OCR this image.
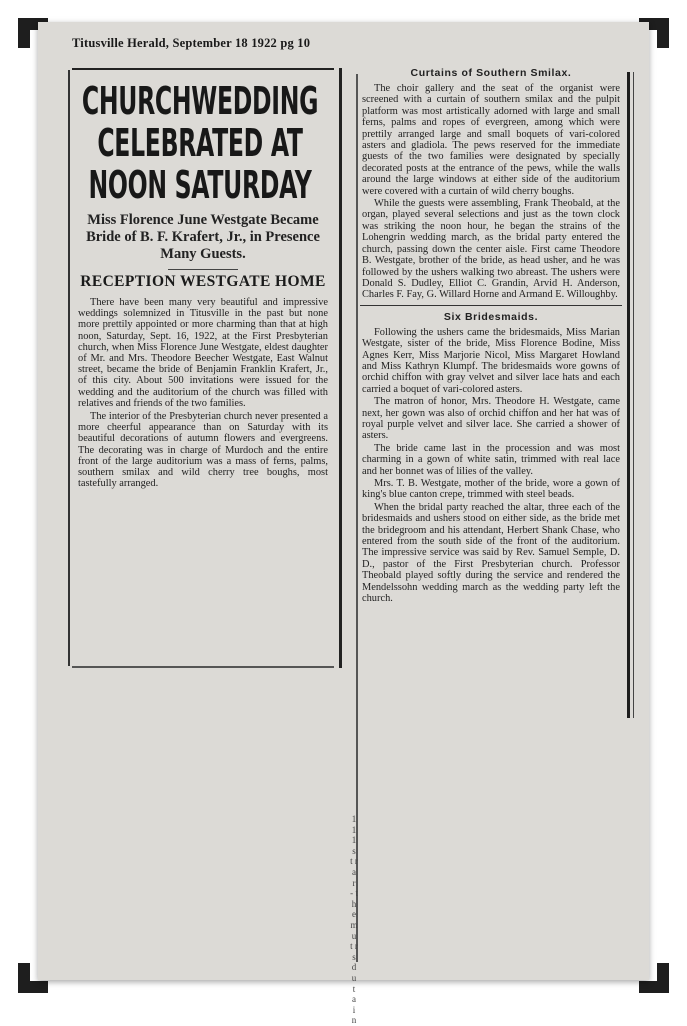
Titusville Herald, September 18 1922 pg 10
CHURCHWEDDING
CELEBRATED AT
NOON SATURDAY
Miss Florence June Westgate Became Bride of B. F. Krafert, Jr., in Presence Many Guests.
RECEPTION WESTGATE HOME

There have been many very beautiful and impressive weddings solemnized in Titusville in the past but none more prettily appointed or more charming than that at high noon, Saturday, Sept. 16, 1922, at the First Presbyterian church, when Miss Florence June Westgate, eldest daughter of Mr. and Mrs. Theodore Beecher Westgate, East Walnut street, became the bride of Benjamin Franklin Krafert, Jr., of this city. About 500 invitations were issued for the wedding and the auditorium of the church was filled with relatives and friends of the two families.

The interior of the Presbyterian church never presented a more cheerful appearance than on Saturday with its beautiful decorations of autumn flowers and evergreens. The decorating was in charge of Murdoch and the entire front of the large auditorium was a mass of ferns, palms, southern smilax and wild cherry tree boughs, most tastefully arranged.

Curtains of Southern Smilax.

The choir gallery and the seat of the organist were screened with a curtain of southern smilax and the pulpit platform was most artistically adorned with large and small ferns, palms and ropes of evergreen, among which were prettily arranged large and small boquets of vari-colored asters and gladiola. The pews reserved for the immediate guests of the two families were designated by specially decorated posts at the entrance of the pews, while the walls around the large windows at either side of the auditorium were covered with a curtain of wild cherry boughs.

While the guests were assembling, Frank Theobald, at the organ, played several selections and just as the town clock was striking the noon hour, he began the strains of the Lohengrin wedding march, as the bridal party entered the church, passing down the center aisle. First came Theodore B. Westgate, brother of the bride, as head usher, and he was followed by the ushers walking two abreast. The ushers were Donald S. Dudley, Elliot C. Grandin, Arvid H. Anderson, Charles F. Fay, G. Willard Horne and Armand E. Willoughby.

Six Bridesmaids.

Following the ushers came the bridesmaids, Miss Marian Westgate, sister of the bride, Miss Florence Bodine, Miss Agnes Kerr, Miss Marjorie Nicol, Miss Margaret Howland and Miss Kathryn Klumpf. The bridesmaids wore gowns of orchid chiffon with gray velvet and silver lace hats and each carried a boquet of vari-colored asters.

The matron of honor, Mrs. Theodore H. Westgate, came next, her gown was also of orchid chiffon and her hat was of royal purple velvet and silver lace. She carried a shower of asters.

The bride came last in the procession and was most charming in a gown of white satin, trimmed with real lace and her bonnet was of lilies of the valley.

Mrs. T. B. Westgate, mother of the bride, wore a gown of king's blue canton crepe, trimmed with steel beads.

When the bridal party reached the altar, three each of the bridesmaids and ushers stood on either side, as the bride met the bridegroom and his attendant, Herbert Shank Chase, who entered from the south side of the front of the auditorium. The impressive service was said by Rev. Samuel Semple, D. D., pastor of the First Presbyterian church. Professor Theobald played softly during the service and rendered the Mendelssohn wedding march as the wedding party left the church.

1 1 1 s t r a r - t h e m u t r s d u t a i n
